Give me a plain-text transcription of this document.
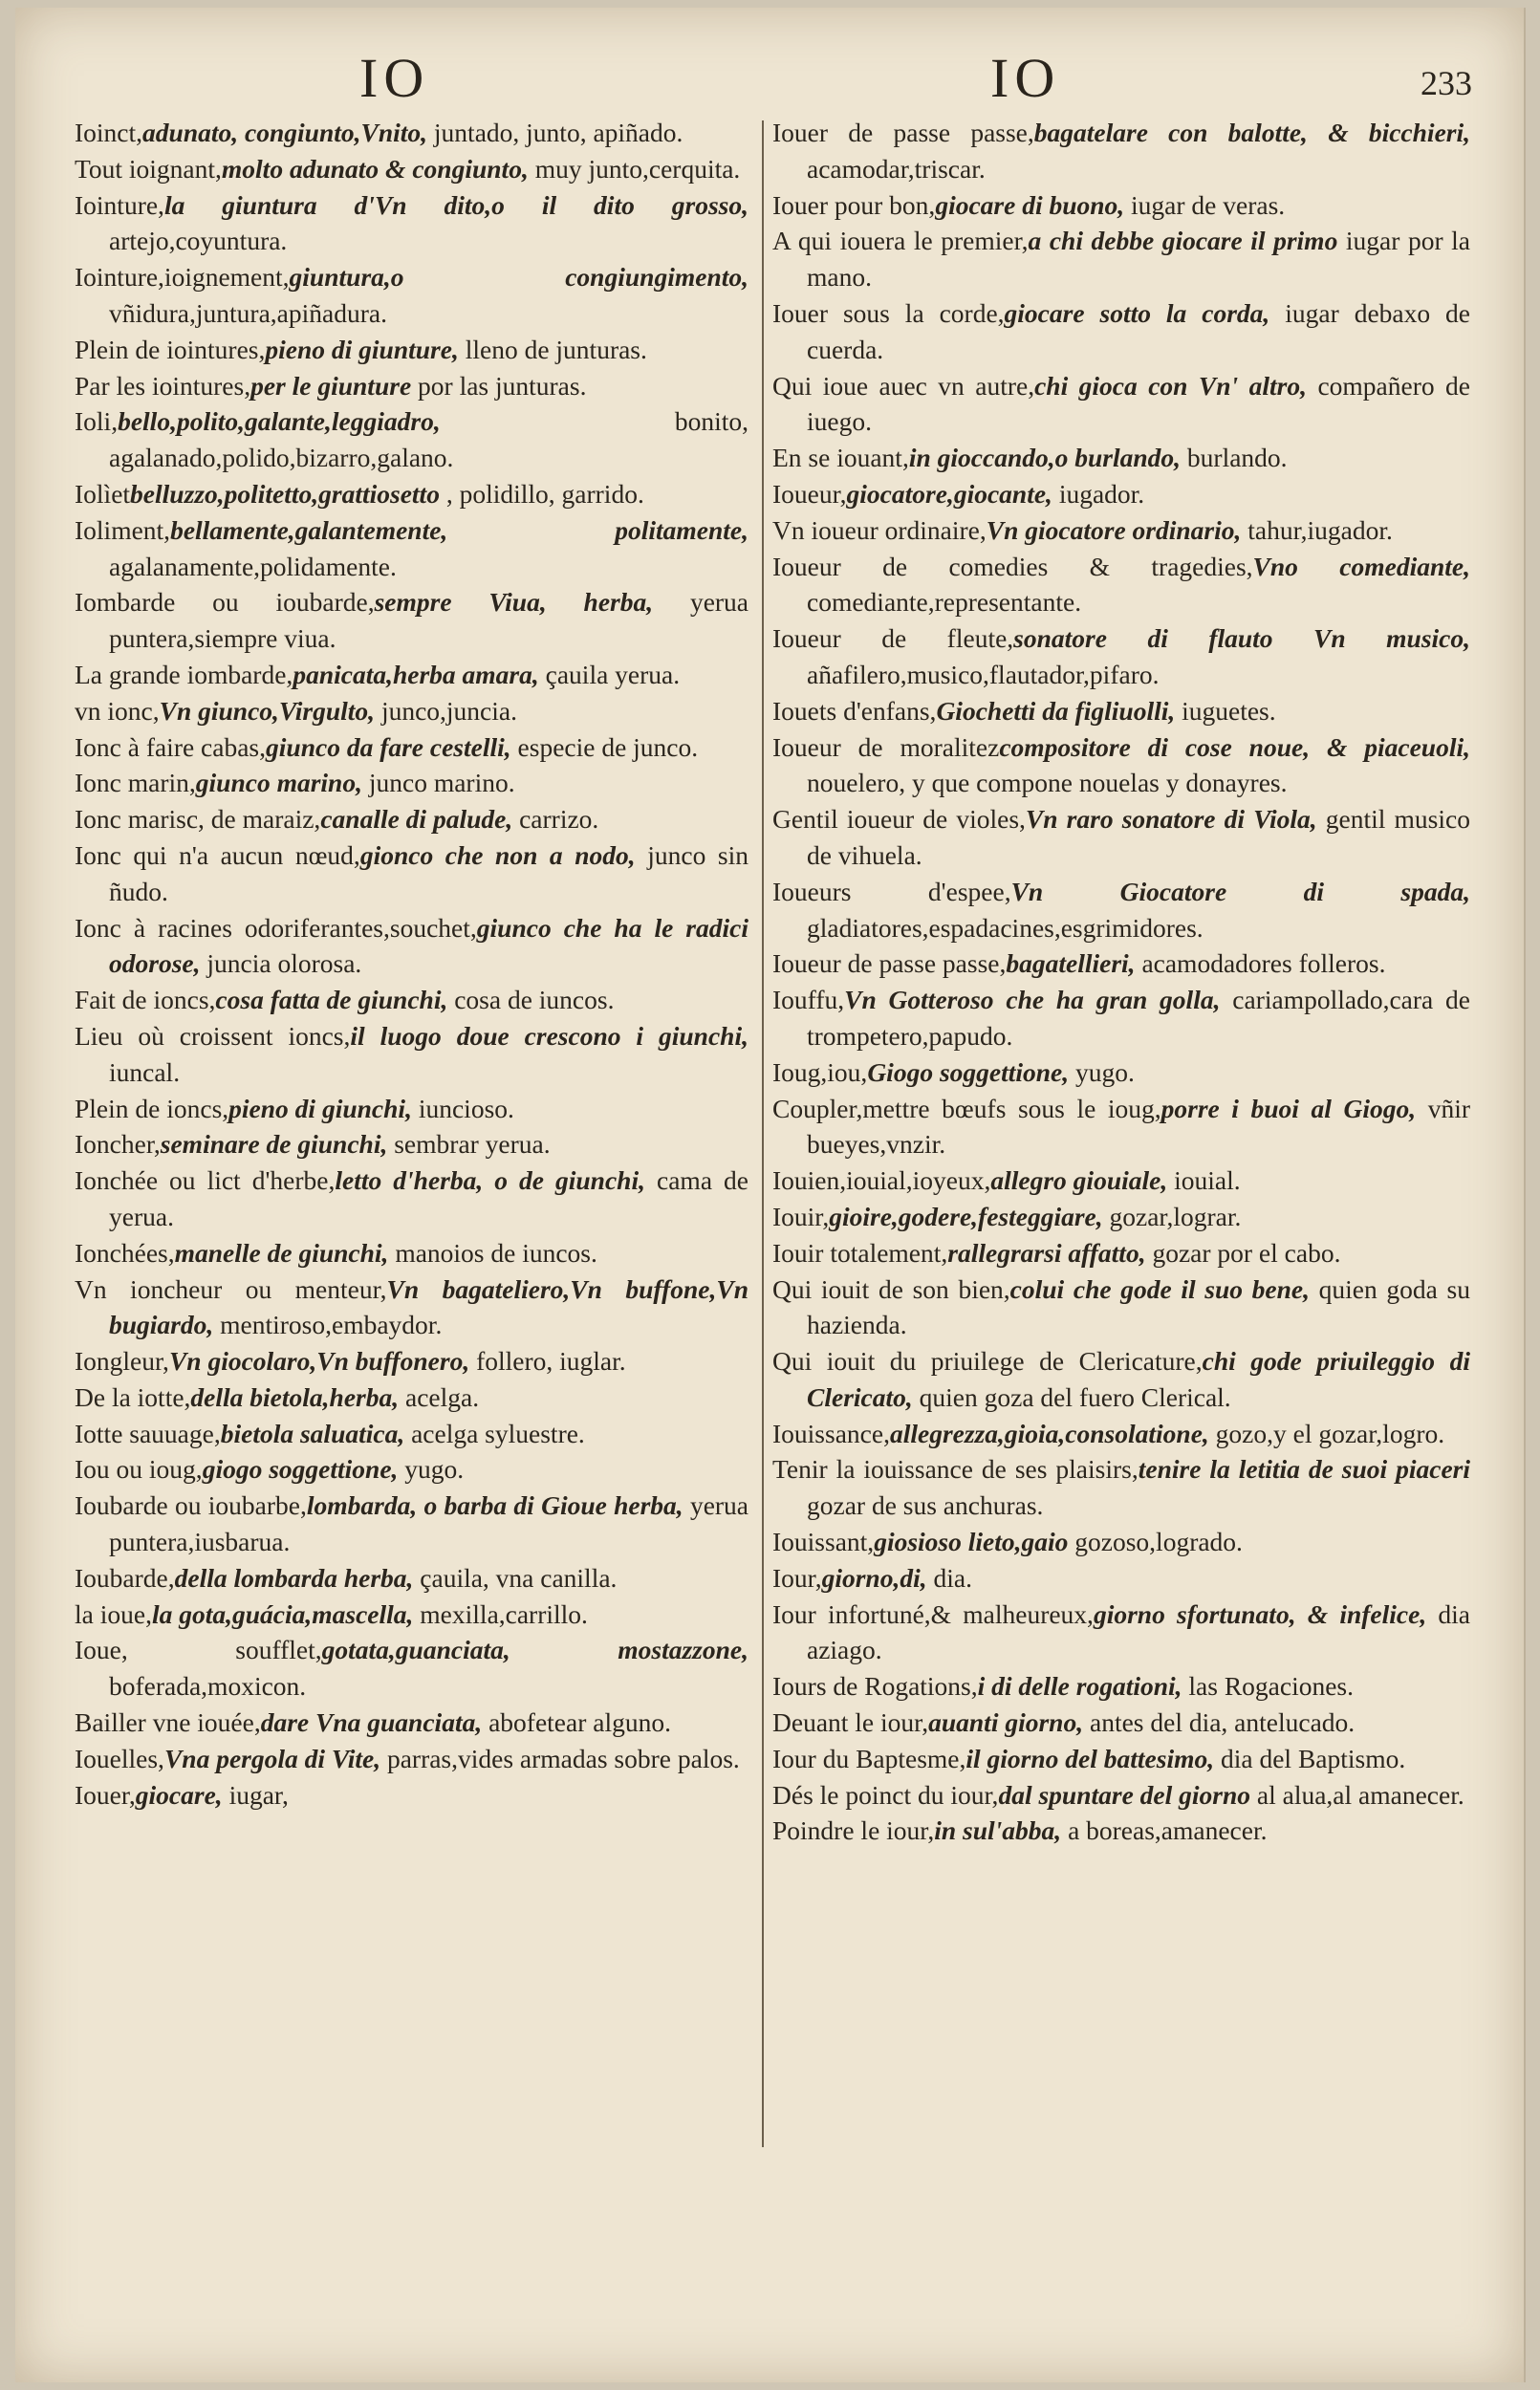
IO	IO	233

Ioinct,adunato, congiunto,Vnito, juntado, junto, apiñado.

Tout ioignant,molto adunato & congiunto, muy junto,cerquita.

Iointure,la giuntura d'Vn dito,o il dito grosso, artejo,coyuntura.

Iointure,ioignement,giuntura,o congiungimento, vñidura,juntura,apiñadura.

Plein de iointures,pieno di giunture, lleno de junturas.

Par les iointures,per le giunture por las junturas.

Ioli,bello,polito,galante,leggiadro,	bonito, agalanado,polido,bizarro,galano.

Iolìetbelluzzo,politetto,grattiosetto , polidillo, garrido.

Ioliment,bellamente,galantemente, politamente, agalanamente,polidamente.

Iombarde ou ioubarde,sempre Viua, herba, yerua puntera,siempre viua.

La grande iombarde,panicata,herba amara, çauila yerua.

vn ionc,Vn giunco,Virgulto, junco,juncia.

Ionc à faire cabas,giunco da fare cestelli, especie de junco.

Ionc marin,giunco marino, junco marino.

Ionc marisc, de maraiz,canalle di palude, carrizo.

Ionc qui n'a aucun nœud,gionco che non a nodo, junco sin ñudo.

Ionc à racines odoriferantes,souchet,giunco che ha le radici odorose, juncia olorosa.

Fait de ioncs,cosa fatta de giunchi, cosa de iuncos.

Lieu où croissent ioncs,il luogo doue crescono i giunchi, iuncal.

Plein de ioncs,pieno di giunchi, iuncioso.

Ioncher,seminare de giunchi, sembrar yerua.

Ionchée ou lict d'herbe,letto d'herba, o de giunchi, cama de yerua.

Ionchées,manelle de giunchi, manoios de iuncos.

Vn ioncheur ou menteur,Vn bagateliero,Vn buffone,Vn bugiardo, mentiroso,embaydor.

Iongleur,Vn giocolaro,Vn buffonero, follero, iuglar.

De la iotte,della bietola,herba, acelga.

Iotte sauuage,bietola saluatica, acelga syluestre.

Iou ou ioug,giogo soggettione, yugo.

Ioubarde ou ioubarbe,lombarda, o barba di Gioue herba, yerua puntera,iusbarua.

Ioubarde,della lombarda herba, çauila, vna canilla.

la ioue,la gota,guácia,mascella, mexilla,carrillo.

Ioue, soufflet,gotata,guanciata, mostazzone, boferada,moxicon.

Bailler vne iouée,dare Vna guanciata, abofetear alguno.

Iouelles,Vna pergola di Vite, parras,vides armadas sobre palos.

Iouer,giocare, iugar,

Iouer de passe passe,bagatelare con balotte, & bicchieri, acamodar,triscar.

Iouer pour bon,giocare di buono, iugar de veras.

A qui iouera le premier,a chi debbe giocare il primo iugar por la mano.

Iouer sous la corde,giocare sotto la corda, iugar debaxo de cuerda.

Qui ioue auec vn autre,chi gioca con Vn' altro, compañero de iuego.

En se iouant,in gioccando,o burlando, burlando.

Ioueur,giocatore,giocante, iugador.

Vn ioueur ordinaire,Vn giocatore ordinario, tahur,iugador.

Ioueur de comedies & tragedies,Vno comediante, comediante,representante.

Ioueur de fleute,sonatore di flauto Vn musico, añafilero,musico,flautador,pifaro.

Iouets d'enfans,Giochetti da figliuolli, iuguetes.

Ioueur de moralitezcompositore di cose noue, & piaceuoli, nouelero, y que compone nouelas y donayres.

Gentil ioueur de violes,Vn raro sonatore di Viola, gentil musico de vihuela.

Ioueurs d'espee,Vn Giocatore di spada, gladiatores,espadacines,esgrimidores.

Ioueur de passe passe,bagatellieri, acamodadores folleros.

Iouffu,Vn Gotteroso che ha gran golla, cariampollado,cara de trompetero,papudo.

Ioug,iou,Giogo soggettione, yugo.

Coupler,mettre bœufs sous le ioug,porre i buoi al Giogo, vñir bueyes,vnzir.

Iouien,iouial,ioyeux,allegro giouiale, iouial.

Iouir,gioire,godere,festeggiare, gozar,lograr.

Iouir totalement,rallegrarsi affatto, gozar por el cabo.

Qui iouit de son bien,colui che gode il suo bene, quien goda su hazienda.

Qui iouit du priuilege de Clericature,chi gode priuileggio di Clericato, quien goza del fuero Clerical.

Iouissance,allegrezza,gioia,consolatione, gozo,y el gozar,logro.

Tenir la iouissance de ses plaisirs,tenire la letitia de suoi piaceri gozar de sus anchuras.

Iouissant,giosioso lieto,gaio gozoso,logrado.

Iour,giorno,di, dia.

Iour infortuné,& malheureux,giorno sfortunato, & infelice, dia aziago.

Iours de Rogations,i di delle rogationi, las Rogaciones.

Deuant le iour,auanti giorno, antes del dia, antelucado.

Iour du Baptesme,il giorno del battesimo, dia del Baptismo.

Dés le poinct du iour,dal spuntare del giorno al alua,al amanecer.

Poindre le iour,in sul'abba, a boreas,amanecer.
